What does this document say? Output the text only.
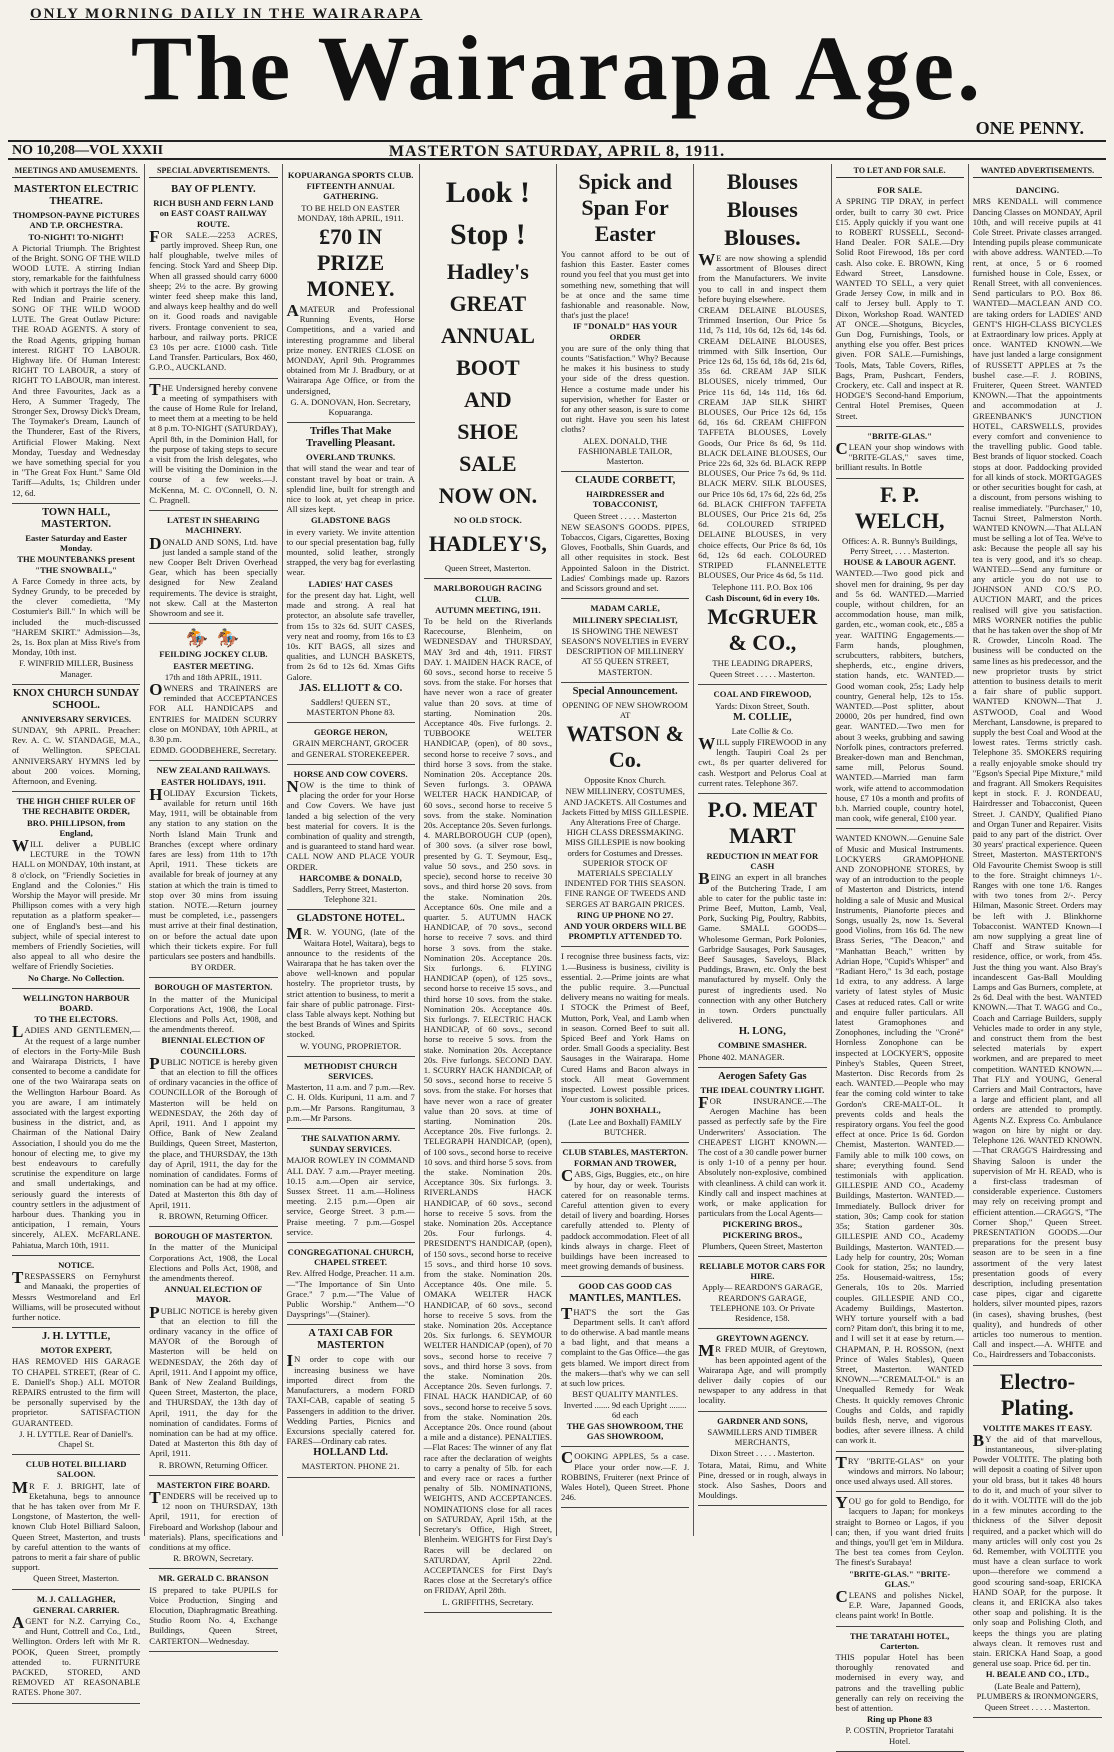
ONLY MORNING DAILY IN THE WAIRARAPA
The Wairarapa Age.
ONE PENNY.
NO 10,208—VOL XXXII	MASTERTON SATURDAY, APRIL 8, 1911.
MEETINGS AND AMUSEMENTS.
MASTERTON ELECTRIC THEATRE.
THOMPSON-PAYNE PICTURES AND T.P. ORCHESTRA.
TO-NIGHT! TO-NIGHT!

A Pictorial Triumph. The Brightest of the Bright. SONG OF THE WILD WOOD LUTE. A stirring Indian story, remarkable for the faithfulness with which it portrays the life of the Red Indian and Prairie scenery. SONG OF THE WILD WOOD LUTE. The Great Outlaw Picture: THE ROAD AGENTS. A story of the Road Agents, gripping human interest. RIGHT TO LABOUR. Highway life. Of Human Interest: RIGHT TO LABOUR, a story of RIGHT TO LABOUR, man interest. And three Favourites, Jack as a Hero, A Summer Tragedy, The Stronger Sex, Drowsy Dick's Dream, The Toymaker's Dream, Launch of the Thunderer, East of the Rivers, Artificial Flower Making. Next Monday, Tuesday and Wednesday we have something special for you in "The Great Fox Hunt." Same Old Tariff—Adults, 1s; Children under 12, 6d.

TOWN HALL, MASTERTON.
Easter Saturday and Easter Monday.
THE MOUNTEBANKS present "THE SNOWBALL,"

A Farce Comedy in three acts, by Sydney Grundy, to be preceded by the clever comedietta, "My Costumier's Bill." In which will be included the much-discussed "HAREM SKIRT." Admission—3s, 2s, 1s. Box plan at Miss Rive's from Monday, 10th inst.

F. WINFRID MILLER, Business Manager.

KNOX CHURCH SUNDAY SCHOOL.
ANNIVERSARY SERVICES.

SUNDAY, 9th APRIL. Preacher: Rev. A. C. W. STANDAGE, M.A., of Wellington. SPECIAL ANNIVERSARY HYMNS led by about 200 voices. Morning, Afternoon, and Evening.

THE HIGH CHIEF RULER OF THE RECHABITE ORDER,
BRO. PHILLIPSON, from England,

WILL deliver a PUBLIC LECTURE in the TOWN HALL on MONDAY, 10th instant, at 8 o'clock, on "Friendly Societies in England and the Colonies." His Worship the Mayor will preside. Mr Phillipson comes with a very high reputation as a platform speaker—one of England's best—and his subject, while of special interest to members of Friendly Societies, will also appeal to all who desire the welfare of Friendly Societies.

No Charge. No Collection.
WELLINGTON HARBOUR BOARD.
TO THE ELECTORS.

LADIES AND GENTLEMEN,— At the request of a large number of electors in the Forty-Mile Bush and Wairarapa Districts, I have consented to become a candidate for one of the two Wairarapa seats on the Wellington Harbour Board. As you are aware, I am intimately associated with the largest exporting business in the district, and, as Chairman of the National Dairy Association, I should you do me the honour of electing me, to give my best endeavours to carefully scrutinise the expenditure on large and small undertakings, and seriously guard the interests of country settlers in the adjustment of harbour dues. Thanking you in anticipation, I remain, Yours sincerely, ALEX. McFARLANE. Pahiatua, March 10th, 1911.

NOTICE.

TRESPASSERS on Fernyhurst and Manaaki, the properties of Messrs Westmoreland and Erl Williams, will be prosecuted without further notice.

J. H. LYTTLE,
MOTOR EXPERT,

HAS REMOVED HIS GARAGE TO CHAPEL STREET, (Rear of C. E. Daniell's Shop.) ALL MOTOR REPAIRS entrusted to the firm will be personally supervised by the proprietor. SATISFACTION GUARANTEED.

J. H. LYTTLE. Rear of Daniell's. Chapel St.

CLUB HOTEL BILLIARD SALOON.

MR F. J. BRIGHT, late of Eketahuna, begs to announce that he has taken over from Mr F. Longstone, of Masterton, the well-known Club Hotel Billiard Saloon, Queen Street, Masterton, and trusts by careful attention to the wants of patrons to merit a fair share of public support.

Queen Street, Masterton.

M. J. CALLAGHER,
GENERAL CARRIER.

AGENT for N.Z. Carrying Co., and Hunt, Cottrell and Co., Ltd., Wellington. Orders left with Mr R. POOK, Queen Street, promptly attended to. FURNITURE PACKED, STORED, AND REMOVED AT REASONABLE RATES. Phone 307.

SPECIAL ADVERTISEMENTS.
BAY OF PLENTY.
RICH BUSH AND FERN LAND on EAST COAST RAILWAY ROUTE.

FOR SALE.—2253 ACRES, partly improved. Sheep Run, one half ploughable, twelve miles of fencing. Stock Yard and Sheep Dip. When all grassed should carry 6000 sheep; 2½ to the acre. By growing winter feed sheep make this land, and always keep healthy and do well on it. Good roads and navigable rivers. Frontage convenient to sea, harbour, and railway ports. PRICE £3 10s per acre. £1000 cash. Title Land Transfer. Particulars, Box 460, G.P.O., AUCKLAND.

THE Undersigned hereby convene a meeting of sympathisers with the cause of Home Rule for Ireland, to meet them at a meeting to be held at 8 p.m. TO-NIGHT (SATURDAY), April 8th, in the Dominion Hall, for the purpose of taking steps to secure a visit from the Irish delegates, who will be visiting the Dominion in the course of a few weeks.—J. McKenna, M. C. O'Connell, O. N. C. Pragnell.

LATEST IN SHEARING MACHINERY.

DONALD AND SONS, Ltd. have just landed a sample stand of the new Cooper Belt Driven Overhead Gear, which has been specially designed for New Zealand requirements. The device is straight, not skew. Call at the Masterton Showroom and see it.

🏇 🏇
FEILDING JOCKEY CLUB.
EASTER MEETING.

17th and 18th APRIL, 1911.

OWNERS and TRAINERS are reminded that ACCEPTANCES FOR ALL HANDICAPS and ENTRIES for MAIDEN SCURRY close on MONDAY, 10th APRIL, at 8.30 p.m.

EDMD. GOODBEHERE, Secretary.

NEW ZEALAND RAILWAYS.
EASTER HOLIDAYS, 1911.

HOLIDAY Excursion Tickets, available for return until 16th May, 1911, will be obtainable from any station to any station on the North Island Main Trunk and Branches (except where ordinary fares are less) from 11th to 17th April, 1911. These tickets are available for break of journey at any station at which the train is timed to stop over 30 mins from issuing station. NOTE.—Return journey must be completed, i.e., passengers must arrive at their final destination, on or before the actual date upon which their tickets expire. For full particulars see posters and handbills.

BY ORDER.

BOROUGH OF MASTERTON.

In the matter of the Municipal Corporations Act, 1908, the Local Elections and Polls Act, 1908, and the amendments thereof.

BIENNIAL ELECTION OF COUNCILLORS.

PUBLIC NOTICE is hereby given that an election to fill the offices of ordinary vacancies in the office of COUNCILLOR of the Borough of Masterton will be held on WEDNESDAY, the 26th day of April, 1911. And I appoint my Office, Bank of New Zealand Buildings, Queen Street, Masterton, the place, and THURSDAY, the 13th day of April, 1911, the day for the nomination of candidates. Forms of nomination can be had at my office. Dated at Masterton this 8th day of April, 1911.

R. BROWN, Returning Officer.

BOROUGH OF MASTERTON.

In the matter of the Municipal Corporations Act, 1908, the Local Elections and Polls Act, 1908, and the amendments thereof.

ANNUAL ELECTION OF MAYOR.

PUBLIC NOTICE is hereby given that an election to fill the ordinary vacancy in the office of MAYOR of the Borough of Masterton will be held on WEDNESDAY, the 26th day of April, 1911. And I appoint my office, Bank of New Zealand Buildings, Queen Street, Masterton, the place, and THURSDAY, the 13th day of April, 1911, the day for the nomination of candidates. Forms of nomination can be had at my office. Dated at Masterton this 8th day of April, 1911.

R. BROWN, Returning Officer.

MASTERTON FIRE BOARD.

TENDERS will be received up to 12 noon on THURSDAY, 13th April, 1911, for erection of Fireboard and Workshop (labour and materials). Plans, specifications and conditions at my office.

R. BROWN, Secretary.

MR. GERALD C. BRANSON

IS prepared to take PUPILS for Voice Production, Singing and Elocution, Diaphragmatic Breathing. Studio Room No. 4, Exchange Buildings, Queen Street, CARTERTON—Wednesday.

KOPUARANGA SPORTS CLUB.
FIFTEENTH ANNUAL GATHERING.

TO BE HELD ON EASTER MONDAY, 18th APRIL, 1911.

£70 IN PRIZE MONEY.

AMATEUR and Professional Running Events, Horse Competitions, and a varied and interesting programme and liberal prize money. ENTRIES CLOSE on MONDAY, April 9th. Programmes obtained from Mr J. Bradbury, or at Wairarapa Age Office, or from the undersigned,

G. A. DONOVAN, Hon. Secretary, Kopuaranga.

Trifles That Make Travelling Pleasant.
OVERLAND TRUNKS.

that will stand the wear and tear of constant travel by boat or train. A splendid line, built for strength and nice to look at, yet cheap in price. All sizes kept.

GLADSTONE BAGS

in every variety. We invite attention to our special presentation bag, fully mounted, solid leather, strongly strapped, the very bag for everlasting wear.

LADIES' HAT CASES

for the present day hat. Light, well made and strong. A real hat protector, an absolute safe traveller, from 15s to 32s 6d. SUIT CASES, very neat and roomy, from 16s to £3 10s. KIT BAGS, all sizes and qualities, and LUNCH BASKETS, from 2s 6d to 12s 6d. Xmas Gifts Galore.

JAS. ELLIOTT & CO.

Saddlers! QUEEN ST., MASTERTON Phone 83.

GEORGE HERON,

GRAIN MERCHANT, GROCER and GENERAL STOREKEEPER.

HORSE AND COW COVERS.

NOW is the time to think of placing the order for your Horse and Cow Covers. We have just landed a big selection of the very best material for covers. It is the combination of quality and strength, and is guaranteed to stand hard wear. CALL NOW AND PLACE YOUR ORDER.

HARCOMBE & DONALD,

Saddlers, Perry Street, Masterton. Telephone 321.

GLADSTONE HOTEL.

MR. W. YOUNG, (late of the Waitara Hotel, Waitara), begs to announce to the residents of the Wairarapa that he has taken over the above well-known and popular hostelry. The proprietor trusts, by strict attention to business, to merit a fair share of public patronage. First-class Table always kept. Nothing but the best Brands of Wines and Spirits stocked.

W. YOUNG, PROPRIETOR.

METHODIST CHURCH SERVICES.

Masterton, 11 a.m. and 7 p.m.—Rev. C. H. Olds. Kuripuni, 11 a.m. and 7 p.m.—Mr Parsons. Rangitumau, 3 p.m.—Mr Parsons.

THE SALVATION ARMY.
SUNDAY SERVICES.

MAJOR ROWLEY IN COMMAND ALL DAY. 7 a.m.—Prayer meeting. 10.15 a.m.—Open air service, Sussex Street. 11 a.m.—Holiness meeting. 2.15 p.m.—Open air service, George Street. 3 p.m.—Praise meeting. 7 p.m.—Gospel service.

CONGREGATIONAL CHURCH, CHAPEL STREET.

Rev. Alfred Hodge, Preacher. 11 a.m.—"The Importance of Sin Unto Grace." 7 p.m.—"The Value of Public Worship." Anthem—"O Daysprings"—(Stainer).

A TAXI CAB FOR MASTERTON

IN order to cope with our increasing business we have imported direct from the Manufacturers, a modern FORD TAXI-CAB, capable of seating 5 Passengers in addition to the driver. Wedding Parties, Picnics and Excursions specially catered for. FARES—Ordinary cab rates.

HOLLAND Ltd.

MASTERTON. PHONE 21.

Look !
Stop !
Hadley's
GREAT
ANNUAL
BOOT
AND
SHOE
SALE
NOW ON.
NO OLD STOCK.
HADLEY'S,

Queen Street, Masterton.

MARLBOROUGH RACING CLUB.
AUTUMN MEETING, 1911.

To be held on the Riverlands Racecourse, Blenheim, on WEDNESDAY and THURSDAY, MAY 3rd and 4th, 1911. FIRST DAY. 1. MAIDEN HACK RACE, of 60 sovs., second horse to receive 5 sovs. from the stake. For horses that have never won a race of greater value than 20 sovs. at time of starting. Nomination 20s. Acceptance 40s. Five furlongs. 2. TUBBOOKE WELTER HANDICAP, (open), of 80 sovs., second horse to receive 7 sovs., and third horse 3 sovs. from the stake. Nomination 20s. Acceptance 20s. Seven furlongs. 3. OPAWA WELTER HACK HANDICAP, of 60 sovs., second horse to receive 5 sovs. from the stake. Nomination 20s. Acceptance 20s. Seven furlongs. 4. MARLBOROUGH CUP (open), of 300 sovs. (a silver rose bowl, presented by G. T. Seymour, Esq., value 50 sovs., and 250 sovs. in specie), second horse to receive 30 sovs., and third horse 20 sovs. from the stake. Nomination 20s. Acceptance 60s. One mile and a quarter. 5. AUTUMN HACK HANDICAP, of 70 sovs., second horse to receive 7 sovs. and third horse 3 sovs. from the stake. Nomination 20s. Acceptance 20s. Six furlongs. 6. FLYING HANDICAP (open), of 125 sovs., second horse to receive 15 sovs., and third horse 10 sovs. from the stake. Nomination 20s. Acceptance 40s. Six furlongs. 7. ELECTRIC HACK HANDICAP, of 60 sovs., second horse to receive 5 sovs. from the stake. Nomination 20s. Acceptance 20s. Five furlongs. SECOND DAY. 1. SCURRY HACK HANDICAP, of 50 sovs., second horse to receive 5 sovs. from the stake. For horses that have never won a race of greater value than 20 sovs. at time of starting. Nomination 20s. Acceptance 20s. Five furlongs. 2. TELEGRAPH HANDICAP, (open), of 100 sovs., second horse to receive 10 sovs. and third horse 5 sovs. from the stake. Nomination 20s. Acceptance 30s. Six furlongs. 3. RIVERLANDS HACK HANDICAP, of 60 sovs., second horse to receive 5 sovs. from the stake. Nomination 20s. Acceptance 20s. Four furlongs. 4. PRESIDENT'S HANDICAP, (open), of 150 sovs., second horse to receive 15 sovs., and third horse 10 sovs. from the stake. Nomination 20s. Acceptance 40s. One mile. 5. OMAKA WELTER HACK HANDICAP, of 60 sovs., second horse to receive 5 sovs. from the stake. Nomination 20s. Acceptance 20s. Six furlongs. 6. SEYMOUR WELTER HANDICAP (open), of 70 sovs., second horse to receive 7 sovs., and third horse 3 sovs. from the stake. Nomination 20s. Acceptance 20s. Seven furlongs. 7. FINAL HACK HANDICAP, of 60 sovs., second horse to receive 5 sovs. from the stake. Nomination 20s. Acceptance 20s. Once round (about a mile and a distance). PENALTIES.—Flat Races: The winner of any flat race after the declaration of weights to carry a penalty of 5lb. for each and every race or races a further penalty of 5lb. NOMINATIONS, WEIGHTS, AND ACCEPTANCES. NOMINATIONS close for all races on SATURDAY, April 15th, at the Secretary's Office, High Street, Blenheim. WEIGHTS for First Day's Races will be declared on SATURDAY, April 22nd. ACCEPTANCES for First Day's Races close at the Secretary's office on FRIDAY, April 28th.

L. GRIFFITHS, Secretary.

Spick and Span For Easter

You cannot afford to be out of fashion this Easter. Easter comes round you feel that you must get into something new, something that will be at once and the same time fashionable and reasonable. Now, that's just the place!

IF "DONALD" HAS YOUR ORDER

you are sure of the only thing that counts "Satisfaction." Why? Because he makes it his business to study your side of the dress question. Hence a costume made under his supervision, whether for Easter or for any other season, is sure to come out right. Have you seen his latest cloths?

ALEX. DONALD, THE FASHIONABLE TAILOR, Masterton.

CLAUDE CORBETT,
HAIRDRESSER and TOBACCONIST,

Queen Street . . . . . Masterton

NEW SEASON'S GOODS. PIPES, Tobaccos, Cigars, Cigarettes, Boxing Gloves, Footballs, Shin Guards, and all other requisites in stock. Best Appointed Saloon in the District. Ladies' Combings made up. Razors and Scissors ground and set.

MADAM CARLE,
MILLINERY SPECIALIST,

IS SHOWING THE NEWEST SEASON'S NOVELTIES in EVERY DESCRIPTION OF MILLINERY AT 55 QUEEN STREET, MASTERTON.

Special Announcement.

OPENING OF NEW SHOWROOM AT

WATSON & Co.

Opposite Knox Church.

NEW MILLINERY, COSTUMES, AND JACKETS. All Costumes and Jackets Fitted by MISS GILLESPIE. Any Alterations Free of Charge. HIGH CLASS DRESSMAKING. MISS GILLESPIE is now booking orders for Costumes and Dresses. SUPERIOR STOCK OF MATERIALS SPECIALLY INDENTED FOR THIS SEASON. FINE RANGE OF TWEEDS AND SERGES AT BARGAIN PRICES.

RING UP PHONE NO 27.
AND YOUR ORDERS WILL BE PROMPTLY ATTENDED TO.

I recognise three business facts, viz: 1.—Business is business, civility is essential. 2.—Prime joints are what the public require. 3.—Punctual delivery means no waiting for meals. I STOCK the Primest of Beef, Mutton, Pork, Veal, and Lamb when in season. Corned Beef to suit all. Spiced Beef and York Hams on order. Small Goods a speciality. Best Sausages in the Wairarapa. Home Cured Hams and Bacon always in stock. All meat Government inspected. Lowest possible prices. Your custom is solicited.

JOHN BOXHALL,

(Late Lee and Boxhall) FAMILY BUTCHER.

CLUB STABLES, MASTERTON.
FORMAN AND TROWER,

CABS, Gigs, Buggies, etc., on hire by hour, day or week. Tourists catered for on reasonable terms. Careful attention given to every detail of livery and boarding. Horses carefully attended to. Plenty of paddock accommodation. Fleet of all kinds always in charge. Fleet of buildings have been increased to meet growing demands of business.

GOOD CAS GOOD CAS
MANTLES, MANTLES.

THAT'S the sort the Gas Department sells. It can't afford to do otherwise. A bad mantle means a bad light, and that means a complaint to the Gas Office—the gas gets blamed. We import direct from the makers—that's why we can sell at such low prices.

BEST QUALITY MANTLES. Inverted ....... 9d each Upright ........ 6d each

THE GAS SHOWROOM, THE GAS SHOWROOM,

COOKING APPLES, 5s a case. Place your order now.—F. J. ROBBINS, Fruiterer (next Prince of Wales Hotel), Queen Street. Phone 246.

Blouses
Blouses
Blouses.

WE are now showing a splendid assortment of Blouses direct from the Manufacturers. We invite you to call in and inspect them before buying elsewhere.

CREAM DELAINE BLOUSES, Trimmed Insertion, Our Price 5s 11d, 7s 11d, 10s 6d, 12s 6d, 14s 6d. CREAM DELAINE BLOUSES, trimmed with Silk Insertion, Our Price 12s 6d, 15s 6d, 18s 6d, 21s 6d, 35s 6d. CREAM JAP SILK BLOUSES, nicely trimmed, Our Price 11s 6d, 14s 11d, 16s 6d. CREAM JAP SILK SHIRT BLOUSES, Our Price 12s 6d, 15s 6d, 16s 6d. CREAM CHIFFON TAFFETA BLOUSES, Lovely Goods, Our Price 8s 6d, 9s 11d. BLACK DELAINE BLOUSES, Our Price 22s 6d, 32s 6d. BLACK REPP BLOUSES, Our Price 7s 6d, 9s 11d. BLACK MERV. SILK BLOUSES, our Price 10s 6d, 17s 6d, 22s 6d, 25s 6d. BLACK CHIFFON TAFFETA BLOUSES, Our Price 21s 6d, 25s 6d. COLOURED STRIPED DELAINE BLOUSES, in very choice effects, Our Price 8s 6d, 10s 6d, 12s 6d each. COLOURED STRIPED FLANNELETTE BLOUSES, Our Price 4s 6d, 5s 11d.

Telephone 111. P.O. Box 106

Cash Discount, 6d in every 10s.
McGRUER & CO.,

THE LEADING DRAPERS,

Queen Street . . . . . Masterton.

COAL AND FIREWOOD,

Yards: Dixon Street, South.

M. COLLIE,

Late Collie & Co.

WILL supply FIREWOOD in any length. Taupiri Coal 2s per cwt., 8s per quarter delivered for cash. Westport and Pelorus Coal at current rates. Telephone 367.

P.O. MEAT MART
REDUCTION IN MEAT FOR CASH

BEING an expert in all branches of the Butchering Trade, I am able to cater for the public taste in: Prime Beef, Mutton, Lamb, Veal, Pork, Sucking Pig, Poultry, Rabbits, Game. SMALL GOODS— Wholesome German, Pork Polonies, Garbridge Sausages, Pork Sausages, Beef Sausages, Saveloys, Black Puddings, Brawn, etc. Only the best manufactured by myself. Only the purest of ingredients used. No connection with any other Butchery in town. Orders punctually delivered.

H. LONG,
COMBINE SMASHER.

Phone 402. MANAGER.

Aerogen Safety Gas
THE IDEAL COUNTRY LIGHT.

FOR INSURANCE.—The Aerogen Machine has been passed as perfectly safe by the Fire Underwriters' Association. The CHEAPEST LIGHT KNOWN.—The cost of a 30 candle power burner is only 1-10 of a penny per hour. Absolutely non-explosive, combined with cleanliness. A child can work it. Kindly call and inspect machines at work, or make application for particulars from the Local Agents—

PICKERING BROS., PICKERING BROS.,

Plumbers, Queen Street, Masterton

RELIABLE MOTOR CARS FOR HIRE.

Apply— REARDON'S GARAGE, REARDON'S GARAGE, TELEPHONE 103. Or Private Residence, 158.

GREYTOWN AGENCY.

MR FRED MUIR, of Greytown, has been appointed agent of the Wairarapa Age, and will promptly deliver daily copies of our newspaper to any address in that locality.

GARDNER AND SONS,

SAWMILLERS AND TIMBER MERCHANTS,

Dixon Street . . . . . Masterton.

Totara, Matai, Rimu, and White Pine, dressed or in rough, always in stock. Also Sashes, Doors and Mouldings.

TO LET AND FOR SALE.
FOR SALE.

A SPRING TIP DRAY, in perfect order, built to carry 30 cwt. Price £15. Apply quickly if you want one to ROBERT RUSSELL, Second-Hand Dealer. FOR SALE.—Dry Solid Root Firewood, 18s per cord cash. Also coke. E. BROWN, King Edward Street, Lansdowne. WANTED TO SELL, a very quiet Grade Jersey Cow, in milk and in calf to Jersey bull. Apply to T. Dixon, Workshop Road. WANTED AT ONCE.—Shotguns, Bicycles, Gun Dog, Furnishings, Tools, or anything else you offer. Best prices given. FOR SALE.—Furnishings, Tools, Mats, Table Covers, Rifles, Bags, Pram, Pushcart, Fenders, Crockery, etc. Call and inspect at R. HODGE'S Second-hand Emporium, Central Hotel Premises, Queen Street.

"BRITE-GLAS."

CLEAN your shop windows with "BRITE-GLAS," saves time, brilliant results. In Bottle

F. P. WELCH,

Offices: A. R. Bunny's Buildings, Perry Street, . . . . Masterton.

HOUSE & LABOUR AGENT.

WANTED.—Two good pick and shovel men for draining, 9s per day and 5s 6d. WANTED.—Married couple, without children, for an accommodation house, man milk, garden, etc., woman cook, etc., £85 a year. WAITING Engagements.—Farm hands, ploughmen, scrubcutters, rabbiters, butchers, shepherds, etc., engine drivers, station hands, etc. WANTED.—Good woman cook, 25s; Lady help country, General help, 12s to 15s. WANTED.—Post splitter, about 20000, 20s per hundred, find own gear. WANTED.—Two men for about 3 weeks, grubbing and sawing Norfolk pines, contractors preferred. Breaker-down man and Benchman, same mill, Pelorus Sound. WANTED.—Married man farm work, wife attend to accommodation house, £7 10s a month and profits of b.h. Married couple, country hotel, man cook, wife general, £100 year.

WANTED KNOWN.—Genuine Sale of Music and Musical Instruments. LOCKYERS GRAMOPHONE AND ZONOPHONE STORES, by way of an introduction to the people of Masterton and Districts, intend holding a sale of Music and Musical Instruments, Pianoforte pieces and Songs, usually 2s, now 1s. Several good Violins, from 16s 6d. The new Brass Series, "The Deacon," and "Manhattan Beach," written by Adrian Hope, "Cupid's Whisper" and "Radiant Hero," 1s 3d each, postage 1d extra, to any address. A large variety of latest styles of Music Cases at reduced rates. Call or write and enquire fuller particulars. All latest Gramophones and Zonophones, including the "Croné" Hornless Zonophone can be inspected at LOCKYER'S, opposite Pinhey's Stables, Queen Street, Masterton. Disc Records from 2s each. WANTED.—People who may fear the coming cold winter to take Gordon's CRE-MALT-OL. It prevents colds and heals the respiratory organs. You feel the good effect at once. Price 1s 6d. Gordon Chemist, Masterton. WANTED.—Family able to milk 100 cows, on share; everything found. Send testimonials with application. GILLESPIE AND CO., Academy Buildings, Masterton. WANTED.—Immediately. Bullock driver for station, 30s; Camp cook for station 35s; Station gardener 30s. GILLESPIE AND CO., Academy Buildings, Masterton. WANTED.—Lady help for country, 20s; Woman Cook for station, 25s; no laundry, 25s. Housemaid-waitress, 15s; Generals, 10s to 20s. Married couples. GILLESPIE AND CO., Academy Buildings, Masterton. WHY torture yourself with a bad corn? Pitam don't, this bring it to me, and I will set it at ease by return.—CHAPMAN, P. H. ROSSON, (next Prince of Wales Stables), Queen Street, Masterton. WANTED KNOWN.—"CREMALT-OL" is an Unequalled Remedy for Weak Chests. It quickly removes Chronic Coughs and Colds, and rapidly builds flesh, nerve, and vigorous bodies, after severe illness. A child can work it.

TRY "BRITE-GLAS" on your windows and mirrors. No labour; once used always used. All stores.

YOU go for gold to Bendigo, for lacquers to Japan; for monkeys straight to Borneo or Lagos, if you can; then, if you want dried fruits and things, you'll get 'em in Mildura. The best tea comes from Ceylon. The finest's Surabaya!

"BRITE-GLAS." "BRITE-GLAS."

CLEANS and polishes Nickel, E.P. Ware, Japanned Goods, cleans paint work! In Bottle.

THE TARATAHI HOTEL, Carterton.

THIS popular Hotel has been thoroughly renovated and modernised in every way, and patrons and the travelling public generally can rely on receiving the best of attention.

Ring up Phone 83

P. COSTIN, Proprietor Taratahi Hotel.

WANTED ADVERTISEMENTS.
DANCING.

MRS KENDALL will commence Dancing Classes on MONDAY, April 10th, and will receive pupils at 41 Cole Street. Private classes arranged. Intending pupils please communicate with above address. WANTED.—To rent, at once, 5 or 6 roomed furnished house in Cole, Essex, or Renall Street, with all conveniences. Send particulars to P.O. Box 86. WANTED—MACLEAN AND CO. are taking orders for LADIES' AND GENT'S HIGH-CLASS BICYCLES at Extraordinary low prices. Apply at once. WANTED KNOWN.—We have just landed a large consignment of RUSSETT APPLES at 7s the bushel case.—F. J. ROBINS, Fruiterer, Queen Street. WANTED KNOWN.—That the appointments and accommodation at J. GREENBANK'S JUNCTION HOTEL, CARSWELLS, provides every comfort and convenience to the travelling public. Good table. Best brands of liquor stocked. Coach stops at door. Paddocking provided for all kinds of stock. MORTGAGES or other securities bought for cash, at a discount, from persons wishing to realise immediately. "Purchaser," 10, Tacnui Street, Palmerston North. WANTED KNOWN.—That ALLAN must be selling a lot of Tea. We've to ask: Because the people all say his tea is very good, and it's so cheap. WANTED.—Send any furniture or any article you do not use to JOHNSON AND CO.'S P.O. AUCTION MART, and the prices realised will give you satisfaction. MRS WORNER notifies the public that he has taken over the shop of Mr R. Crowder, Lincoln Road. The business will be conducted on the same lines as his predecessor, and the new proprietor trusts by strict attention to business details to merit a fair share of public support. WANTED KNOWN—That J. ASTWOOD, Coal and Wood Merchant, Lansdowne, is prepared to supply the best Coal and Wood at the lowest rates. Terms strictly cash. Telephone 35. SMOKERS requiring a really enjoyable smoke should try "Egson's Special Pipe Mixture," mild and fragrant. All Smokers Requisites kept in stock. F. J. RONDEAU, Hairdresser and Tobacconist, Queen Street. J. CANDY, Qualified Piano and Organ Tuner and Repairer. Visits paid to any part of the district. Over 30 years' practical experience. Queen Street, Masterton. MASTERTON'S Old Favourite Chemist Swoop is still to the fore. Straight chimneys 1/-. Ranges with one tone 1/6. Ranges with two tones from 2/-. Percy Hilman, Masonic Street. Orders may be left with J. Blinkhorne Tobacconist. WANTED Known—I am now supplying a great line of Chaff and Straw suitable for residence, office, or work, from 45s. Just the thing you want. Also Bray's incandescent Gas-Ball Moulding Lamps and Gas Burners, complete, at 2s 6d. Deal with the best. WANTED KNOWN.—That T. WAGG and Co., Coach and Carriage Builders, supply Vehicles made to order in any style, and construct them from the best selected materials by expert workmen, and are prepared to meet competition. WANTED KNOWN.—That FLY and YOUNG, General Carriers and Mail Contractors, have a large and efficient plant, and all orders are attended to promptly. Agents N.Z. Express Co. Ambulance wagon on hire by night or day. Telephone 126. WANTED KNOWN.—That CRAGG'S Hairdressing and Shaving Saloon is under the supervision of Mr H. READ, who is a first-class tradesman of considerable experience. Customers may rely on receiving prompt and efficient attention.—CRAGG'S, "The Corner Shop," Queen Street. PRESENTATION GOODS.—Our preparations for the present busy season are to be seen in a fine assortment of the very latest presentation goods of every description, including presentation case pipes, cigar and cigarette holders, silver mounted pipes, razors (in cases), shaving brushes, (best quality), and hundreds of other articles too numerous to mention. Call and inspect.—A. WHITE and Co., Hairdressers and Tobacconists.

Electro-Plating.
VOLTITE MAKES IT EASY.

BY the aid of that marvellous, instantaneous, silver-plating Powder VOLTITE. The plating both will deposit a coating of Silver upon your old brass, but it takes 48 hours to do it, and much of your silver to do it with. VOLTITE will do the job in a few minutes according to the thickness of the Silver deposit required, and a packet which will do many articles will only cost you 2s 6d. Remember, with VOLTITE you must have a clean surface to work upon—therefore we commend a good scouring sand-soap, ERICKA HAND SOAP, for the purpose. It cleans it, and ERICKA also takes other soap and polishing. It is the only soap and Polishing Cloth, and keeps the things you are plating always clean. It removes rust and stain. ERICKA Hand Soap, a good general use soap. Price 6d. per tin.

H. BEALE AND CO., LTD.,

(Late Beale and Pattern), PLUMBERS & IRONMONGERS,

Queen Street . . . . . Masterton.
